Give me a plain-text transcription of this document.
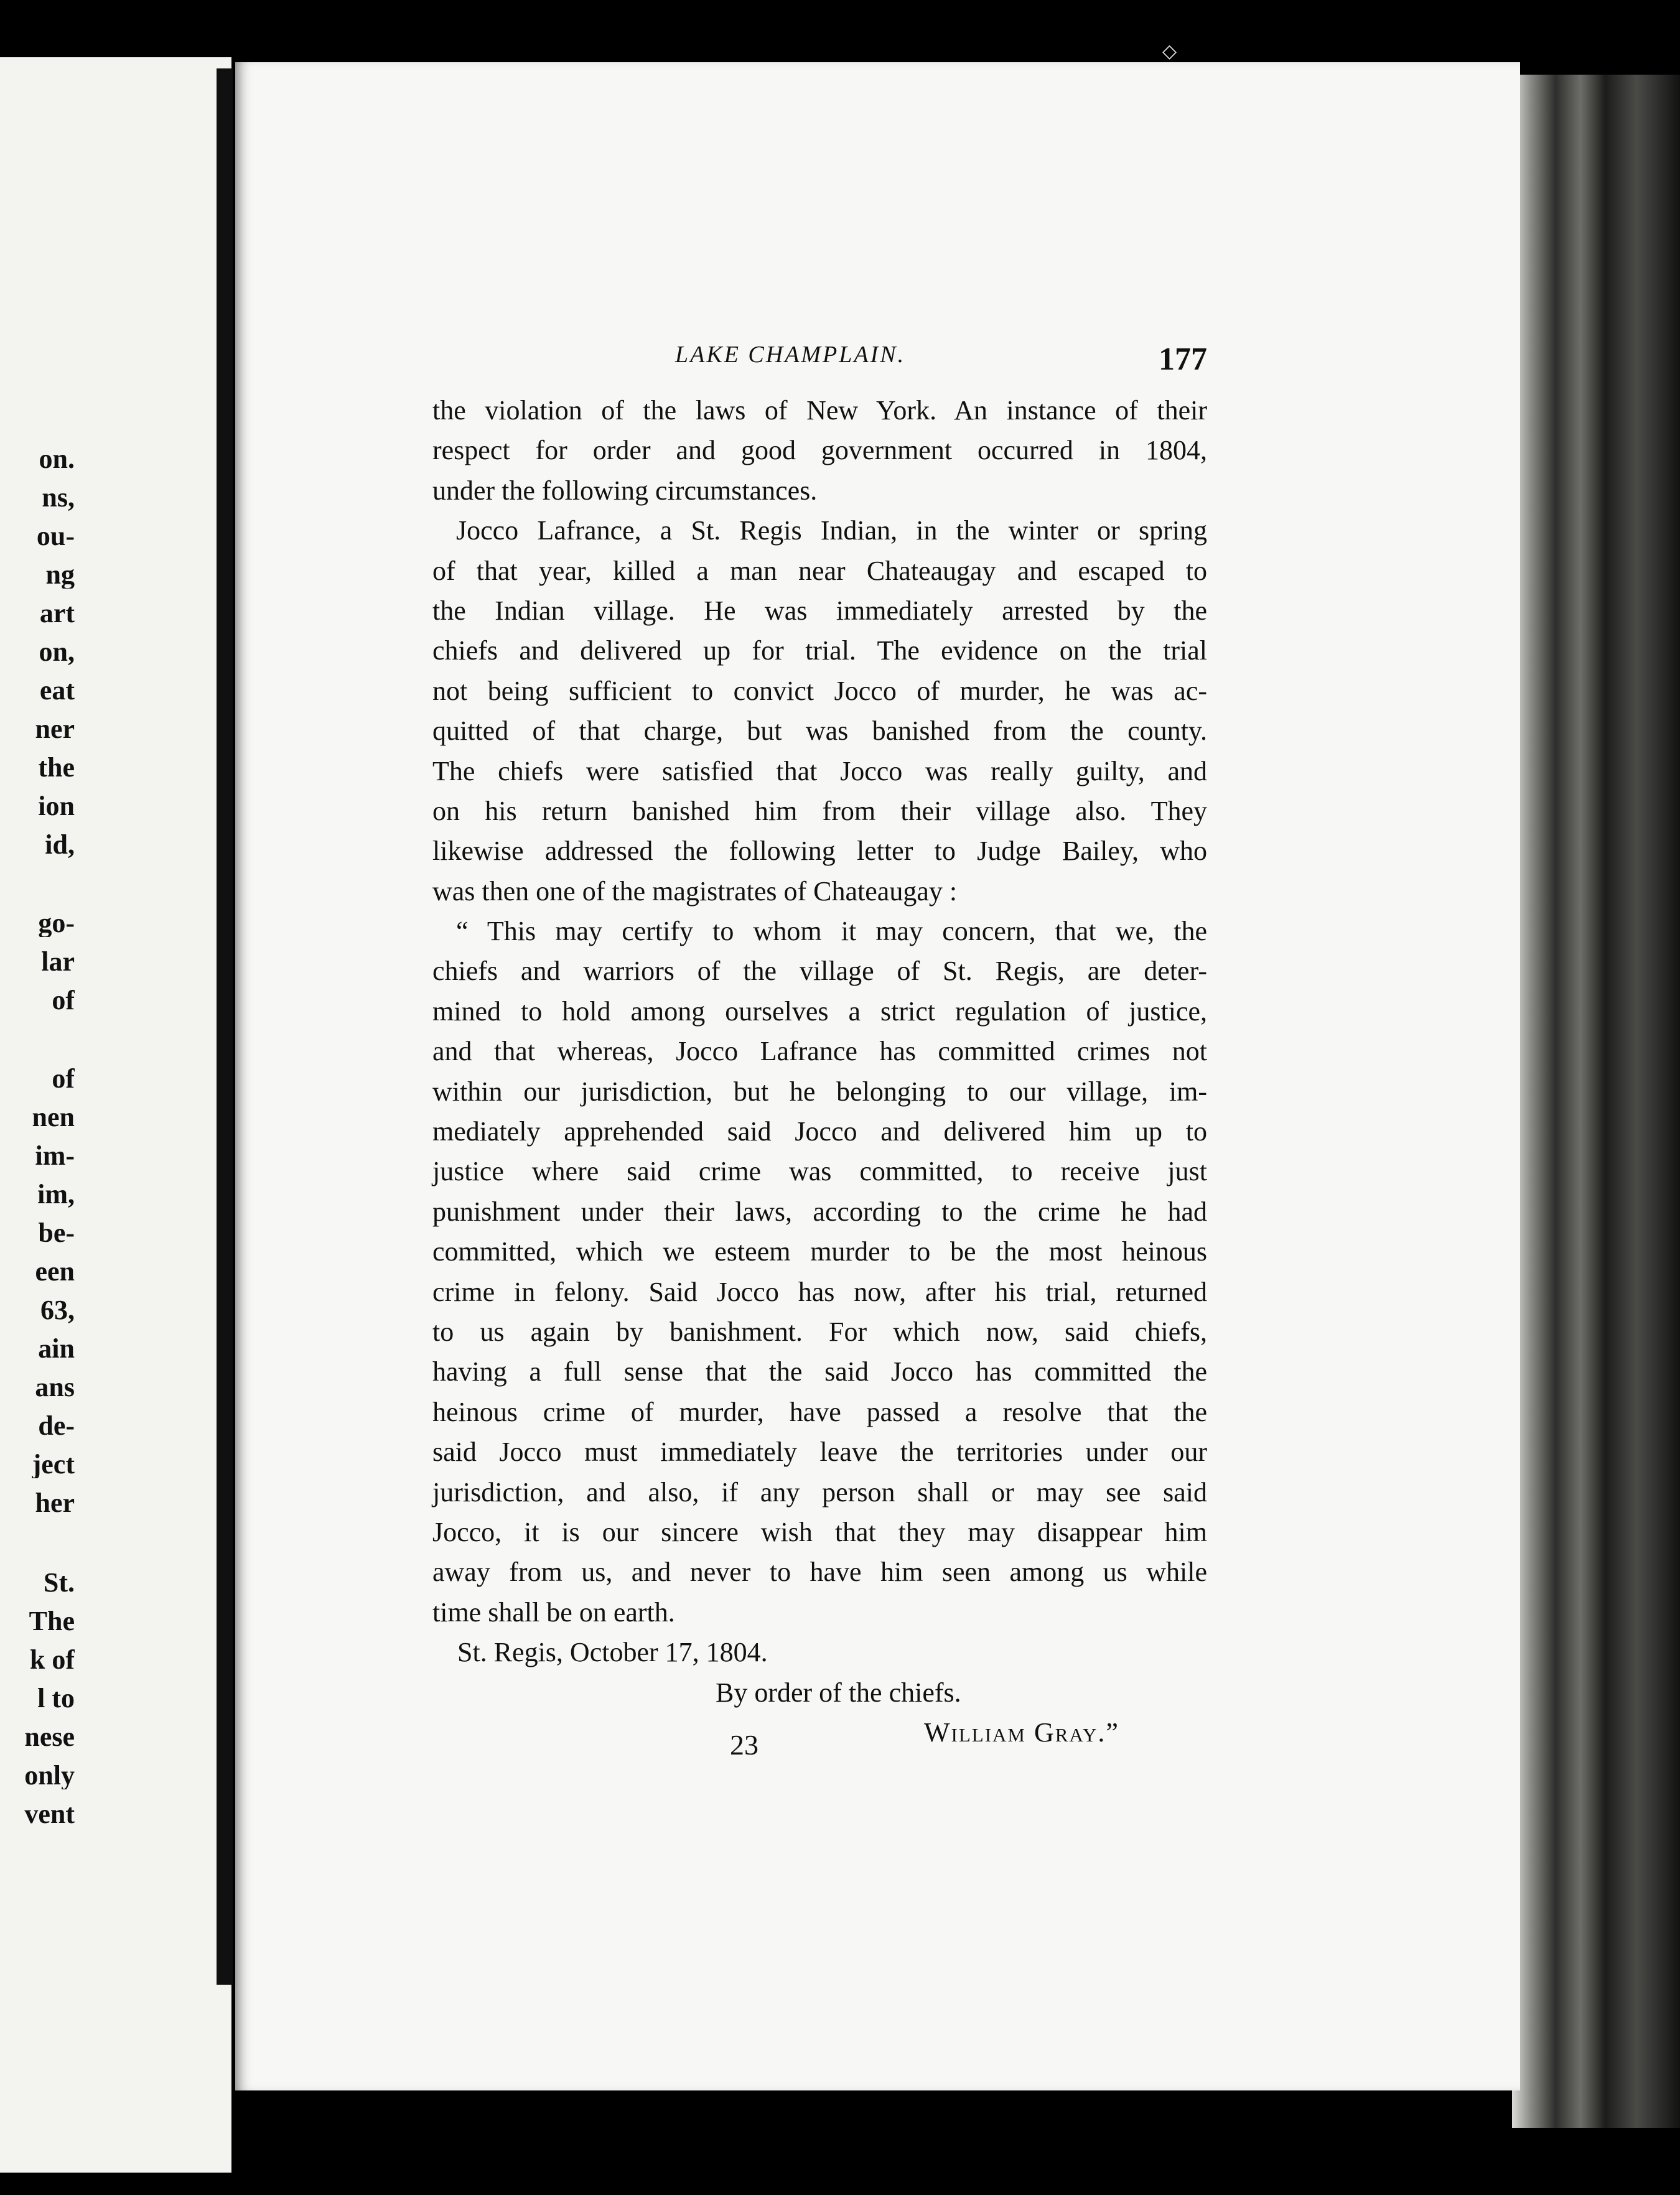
on.
ns,
ou-
ng
art
on,
eat
ner
the
ion
id,
go-
lar
of
of
nen
im-
im,
be-
een
63,
ain
ans
de-
ject
her
St.
The
k of
l to
nese
only
vent
◇
LAKE CHAMPLAIN.	177
the violation of the laws of New York. An instance of their
respect for order and good government occurred in 1804,
under the following circumstances.
Jocco Lafrance, a St. Regis Indian, in the winter or spring
of that year, killed a man near Chateaugay and escaped to
the Indian village. He was immediately arrested by the
chiefs and delivered up for trial. The evidence on the trial
not being sufficient to convict Jocco of murder, he was ac-
quitted of that charge, but was banished from the county.
The chiefs were satisfied that Jocco was really guilty, and
on his return banished him from their village also. They
likewise addressed the following letter to Judge Bailey, who
was then one of the magistrates of Chateaugay :
“ This may certify to whom it may concern, that we, the
chiefs and warriors of the village of St. Regis, are deter-
mined to hold among ourselves a strict regulation of justice,
and that whereas, Jocco Lafrance has committed crimes not
within our jurisdiction, but he belonging to our village, im-
mediately apprehended said Jocco and delivered him up to
justice where said crime was committed, to receive just
punishment under their laws, according to the crime he had
committed, which we esteem murder to be the most heinous
crime in felony. Said Jocco has now, after his trial, returned
to us again by banishment. For which now, said chiefs,
having a full sense that the said Jocco has committed the
heinous crime of murder, have passed a resolve that the
said Jocco must immediately leave the territories under our
jurisdiction, and also, if any person shall or may see said
Jocco, it is our sincere wish that they may disappear him
away from us, and never to have him seen among us while
time shall be on earth.
St. Regis, October 17, 1804.
By order of the chiefs.
William Gray.”
23
